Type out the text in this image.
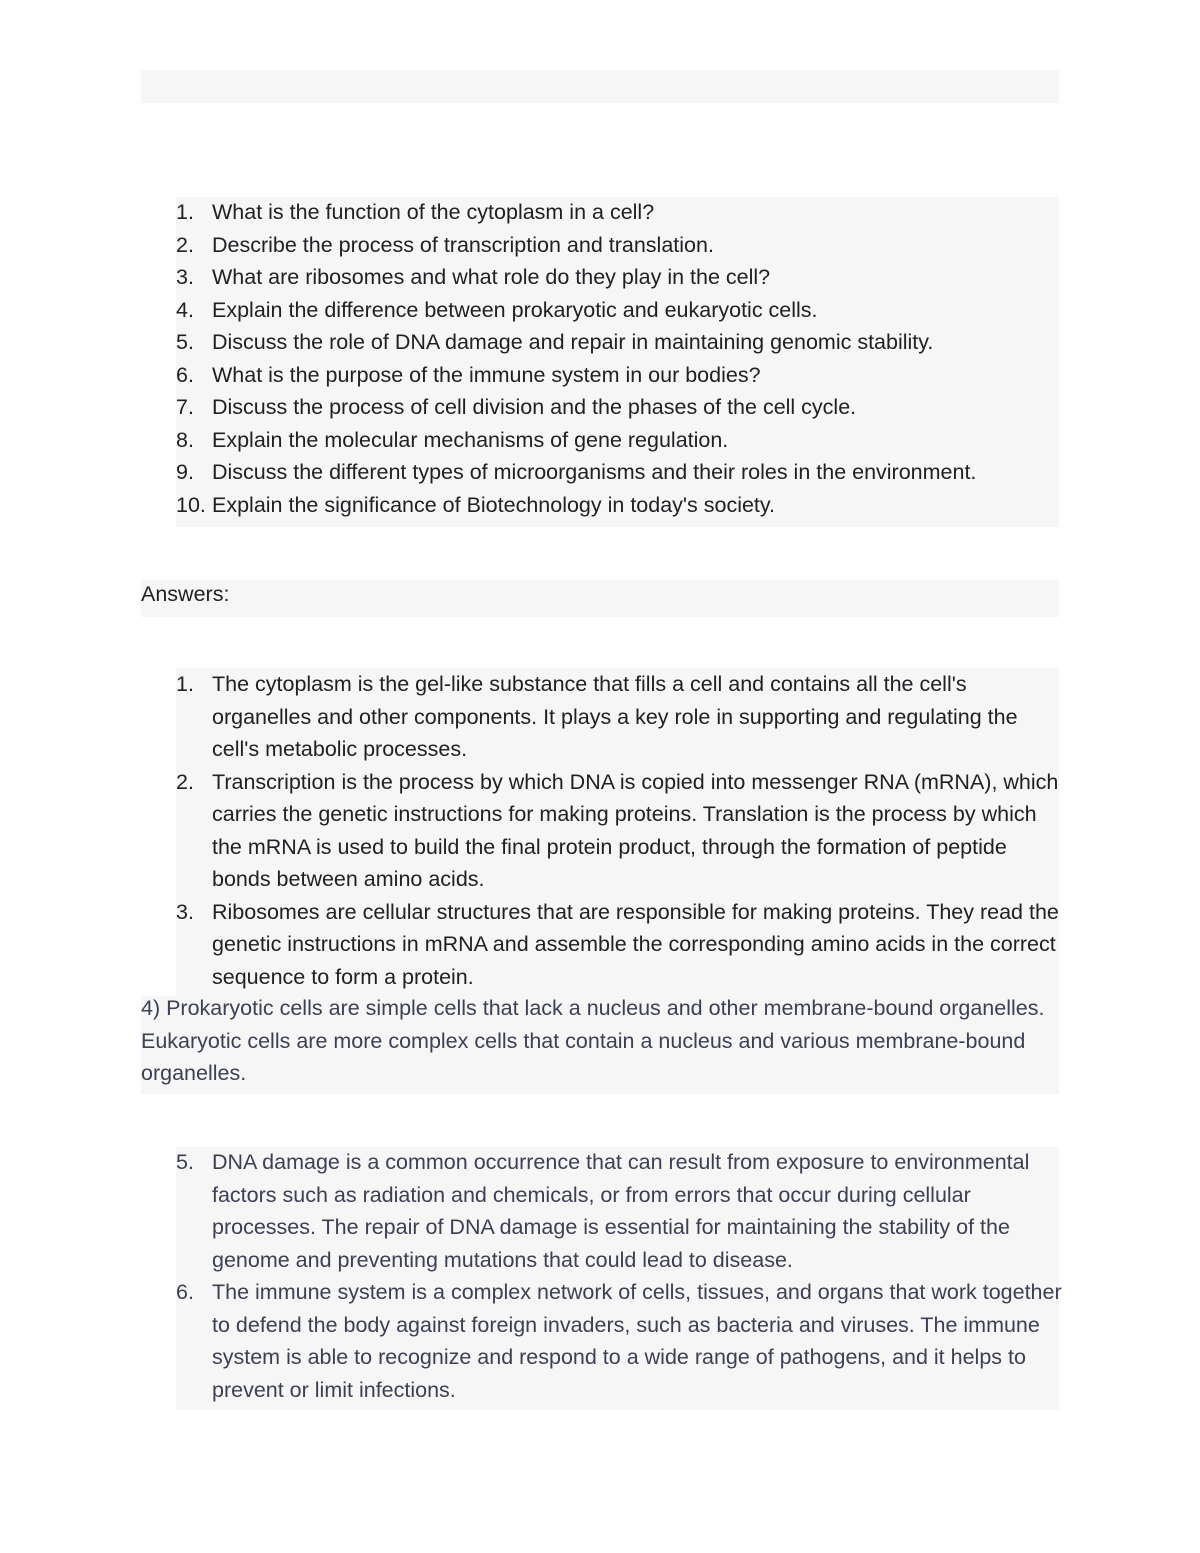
1. What is the function of the cytoplasm in a cell?
2. Describe the process of transcription and translation.
3. What are ribosomes and what role do they play in the cell?
4. Explain the difference between prokaryotic and eukaryotic cells.
5. Discuss the role of DNA damage and repair in maintaining genomic stability.
6. What is the purpose of the immune system in our bodies?
7. Discuss the process of cell division and the phases of the cell cycle.
8. Explain the molecular mechanisms of gene regulation.
9. Discuss the different types of microorganisms and their roles in the environment.
10. Explain the significance of Biotechnology in today's society.
Answers:
1. The cytoplasm is the gel-like substance that fills a cell and contains all the cell's organelles and other components. It plays a key role in supporting and regulating the cell's metabolic processes.
2. Transcription is the process by which DNA is copied into messenger RNA (mRNA), which carries the genetic instructions for making proteins. Translation is the process by which the mRNA is used to build the final protein product, through the formation of peptide bonds between amino acids.
3. Ribosomes are cellular structures that are responsible for making proteins. They read the genetic instructions in mRNA and assemble the corresponding amino acids in the correct sequence to form a protein.

4) Prokaryotic cells are simple cells that lack a nucleus and other membrane-bound organelles. Eukaryotic cells are more complex cells that contain a nucleus and various membrane-bound organelles.

5. DNA damage is a common occurrence that can result from exposure to environmental factors such as radiation and chemicals, or from errors that occur during cellular processes. The repair of DNA damage is essential for maintaining the stability of the genome and preventing mutations that could lead to disease.
6. The immune system is a complex network of cells, tissues, and organs that work together to defend the body against foreign invaders, such as bacteria and viruses. The immune system is able to recognize and respond to a wide range of pathogens, and it helps to prevent or limit infections.
